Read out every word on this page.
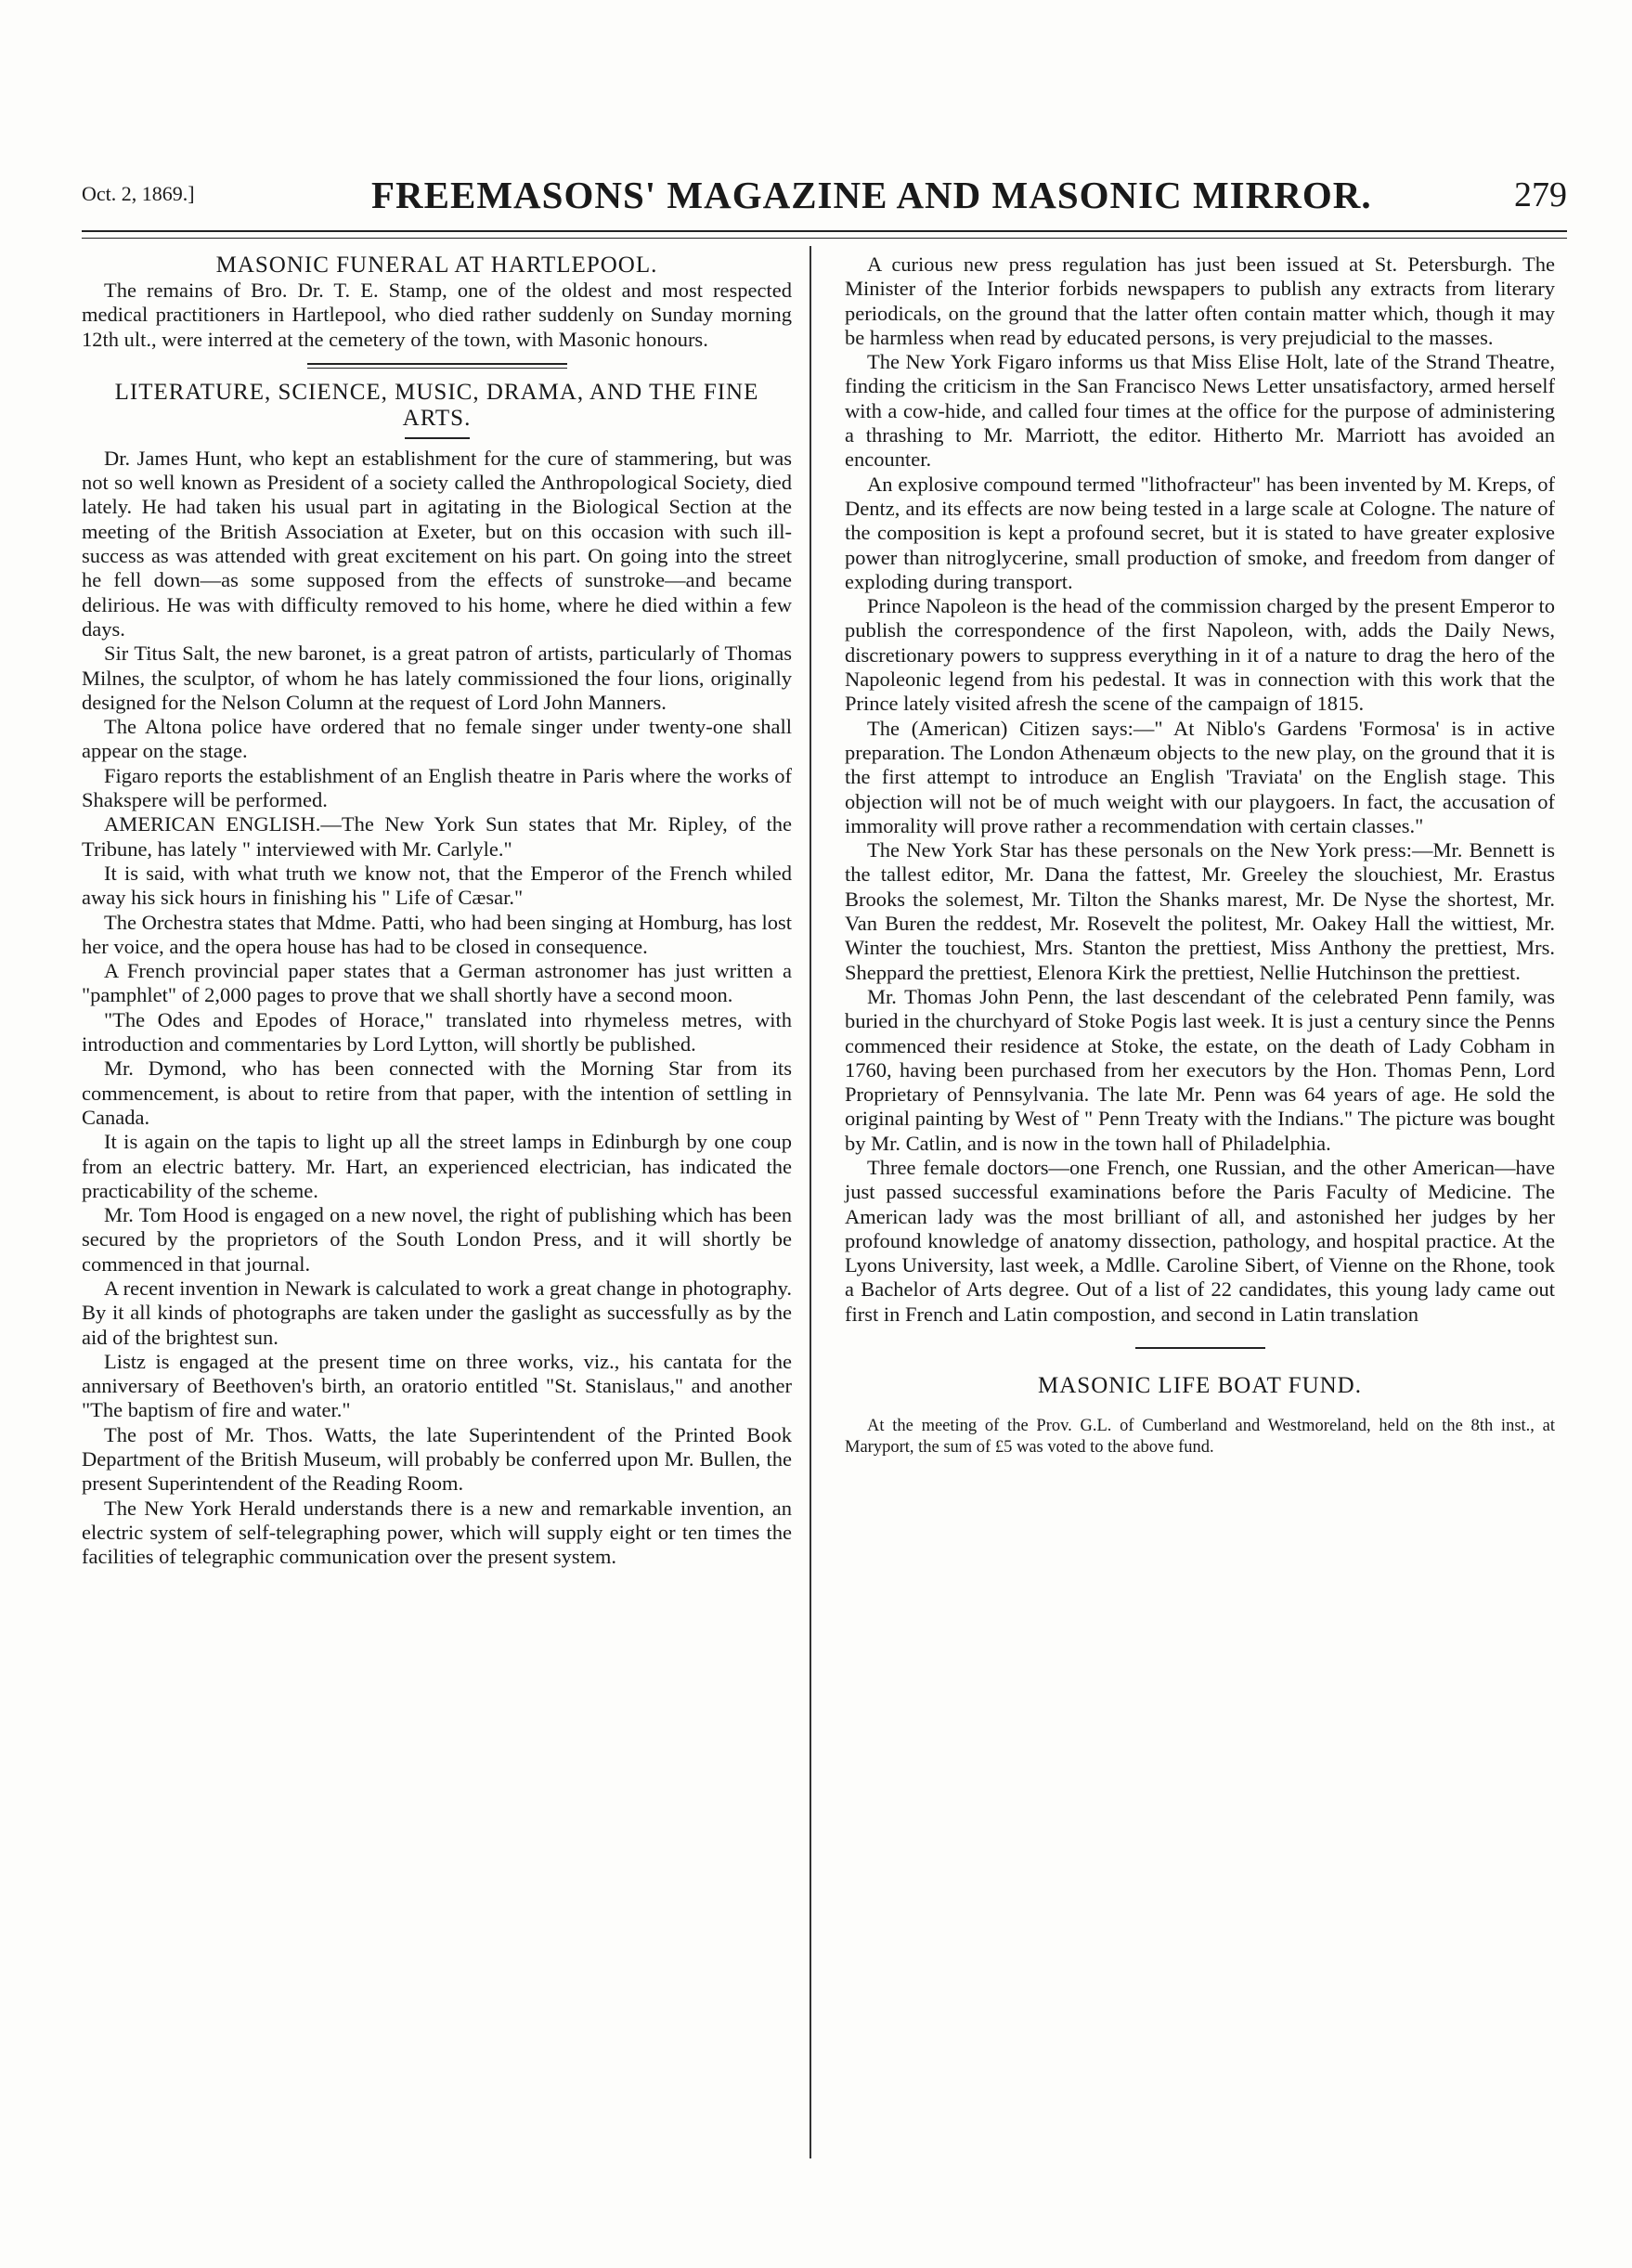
Oct. 2, 1869.]	FREEMASONS' MAGAZINE AND MASONIC MIRROR.	279
MASONIC FUNERAL AT HARTLEPOOL.

The remains of Bro. Dr. T. E. Stamp, one of the oldest and most respected medical practitioners in Hartlepool, who died rather suddenly on Sunday morning 12th ult., were interred at the cemetery of the town, with Masonic honours.

LITERATURE, SCIENCE, MUSIC, DRAMA, AND THE FINE ARTS.

Dr. James Hunt, who kept an establishment for the cure of stammering, but was not so well known as President of a society called the Anthropological Society, died lately. He had taken his usual part in agitating in the Biological Section at the meeting of the British Association at Exeter, but on this occasion with such ill-success as was attended with great excitement on his part. On going into the street he fell down—as some supposed from the effects of sunstroke—and became delirious. He was with difficulty removed to his home, where he died within a few days.

Sir Titus Salt, the new baronet, is a great patron of artists, particularly of Thomas Milnes, the sculptor, of whom he has lately commissioned the four lions, originally designed for the Nelson Column at the request of Lord John Manners.

The Altona police have ordered that no female singer under twenty-one shall appear on the stage.

Figaro reports the establishment of an English theatre in Paris where the works of Shakspere will be performed.

AMERICAN ENGLISH.—The New York Sun states that Mr. Ripley, of the Tribune, has lately " interviewed with Mr. Carlyle."

It is said, with what truth we know not, that the Emperor of the French whiled away his sick hours in finishing his " Life of Cæsar."

The Orchestra states that Mdme. Patti, who had been singing at Homburg, has lost her voice, and the opera house has had to be closed in consequence.

A French provincial paper states that a German astronomer has just written a "pamphlet" of 2,000 pages to prove that we shall shortly have a second moon.

"The Odes and Epodes of Horace," translated into rhymeless metres, with introduction and commentaries by Lord Lytton, will shortly be published.

Mr. Dymond, who has been connected with the Morning Star from its commencement, is about to retire from that paper, with the intention of settling in Canada.

It is again on the tapis to light up all the street lamps in Edinburgh by one coup from an electric battery. Mr. Hart, an experienced electrician, has indicated the practicability of the scheme.

Mr. Tom Hood is engaged on a new novel, the right of publishing which has been secured by the proprietors of the South London Press, and it will shortly be commenced in that journal.

A recent invention in Newark is calculated to work a great change in photography. By it all kinds of photographs are taken under the gaslight as successfully as by the aid of the brightest sun.

Listz is engaged at the present time on three works, viz., his cantata for the anniversary of Beethoven's birth, an oratorio entitled "St. Stanislaus," and another "The baptism of fire and water."

The post of Mr. Thos. Watts, the late Superintendent of the Printed Book Department of the British Museum, will probably be conferred upon Mr. Bullen, the present Superintendent of the Reading Room.

The New York Herald understands there is a new and remarkable invention, an electric system of self-telegraphing power, which will supply eight or ten times the facilities of telegraphic communication over the present system.

A curious new press regulation has just been issued at St. Petersburgh. The Minister of the Interior forbids newspapers to publish any extracts from literary periodicals, on the ground that the latter often contain matter which, though it may be harmless when read by educated persons, is very prejudicial to the masses.

The New York Figaro informs us that Miss Elise Holt, late of the Strand Theatre, finding the criticism in the San Francisco News Letter unsatisfactory, armed herself with a cow-hide, and called four times at the office for the purpose of administering a thrashing to Mr. Marriott, the editor. Hitherto Mr. Marriott has avoided an encounter.

An explosive compound termed "lithofracteur" has been invented by M. Kreps, of Dentz, and its effects are now being tested in a large scale at Cologne. The nature of the composition is kept a profound secret, but it is stated to have greater explosive power than nitroglycerine, small production of smoke, and freedom from danger of exploding during transport.

Prince Napoleon is the head of the commission charged by the present Emperor to publish the correspondence of the first Napoleon, with, adds the Daily News, discretionary powers to suppress everything in it of a nature to drag the hero of the Napoleonic legend from his pedestal. It was in connection with this work that the Prince lately visited afresh the scene of the campaign of 1815.

The (American) Citizen says:—" At Niblo's Gardens 'Formosa' is in active preparation. The London Athenæum objects to the new play, on the ground that it is the first attempt to introduce an English 'Traviata' on the English stage. This objection will not be of much weight with our playgoers. In fact, the accusation of immorality will prove rather a recommendation with certain classes."

The New York Star has these personals on the New York press:—Mr. Bennett is the tallest editor, Mr. Dana the fattest, Mr. Greeley the slouchiest, Mr. Erastus Brooks the solemest, Mr. Tilton the Shanks marest, Mr. De Nyse the shortest, Mr. Van Buren the reddest, Mr. Rosevelt the politest, Mr. Oakey Hall the wittiest, Mr. Winter the touchiest, Mrs. Stanton the prettiest, Miss Anthony the prettiest, Mrs. Sheppard the prettiest, Elenora Kirk the prettiest, Nellie Hutchinson the prettiest.

Mr. Thomas John Penn, the last descendant of the celebrated Penn family, was buried in the churchyard of Stoke Pogis last week. It is just a century since the Penns commenced their residence at Stoke, the estate, on the death of Lady Cobham in 1760, having been purchased from her executors by the Hon. Thomas Penn, Lord Proprietary of Pennsylvania. The late Mr. Penn was 64 years of age. He sold the original painting by West of " Penn Treaty with the Indians." The picture was bought by Mr. Catlin, and is now in the town hall of Philadelphia.

Three female doctors—one French, one Russian, and the other American—have just passed successful examinations before the Paris Faculty of Medicine. The American lady was the most brilliant of all, and astonished her judges by her profound knowledge of anatomy dissection, pathology, and hospital practice. At the Lyons University, last week, a Mdlle. Caroline Sibert, of Vienne on the Rhone, took a Bachelor of Arts degree. Out of a list of 22 candidates, this young lady came out first in French and Latin compostion, and second in Latin translation

MASONIC LIFE BOAT FUND.

At the meeting of the Prov. G.L. of Cumberland and Westmoreland, held on the 8th inst., at Maryport, the sum of £5 was voted to the above fund.
